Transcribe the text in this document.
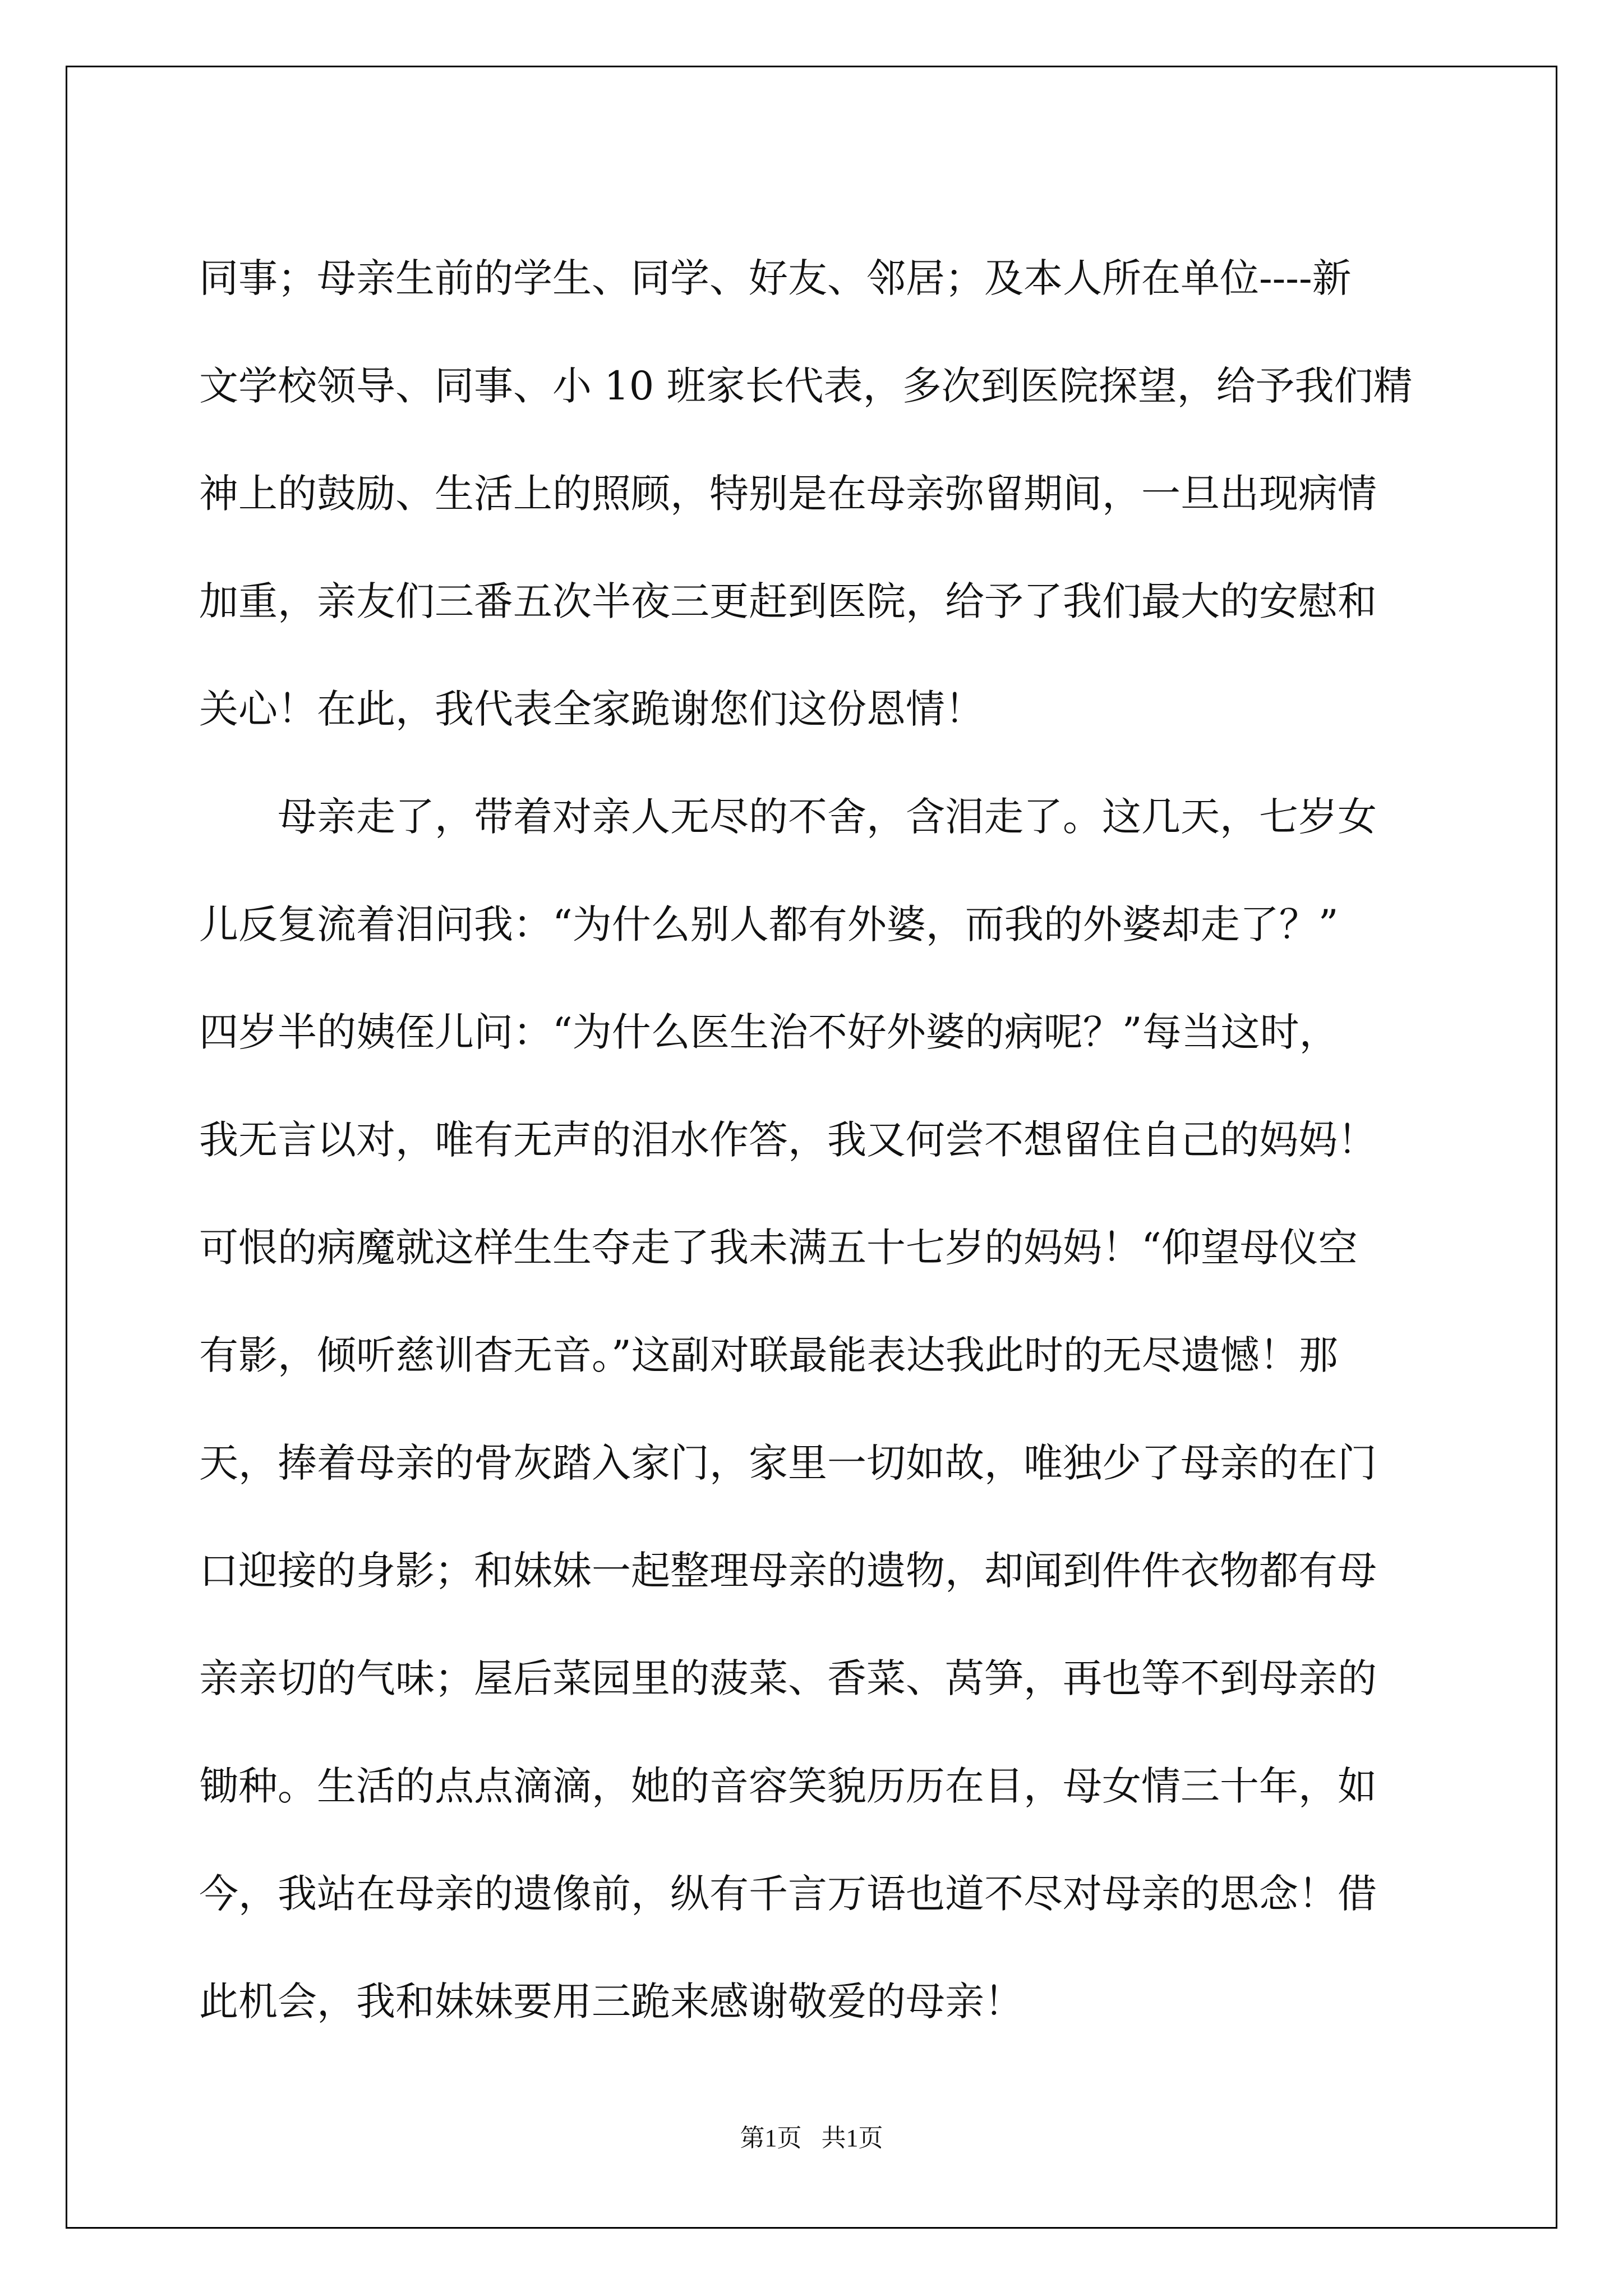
同事；母亲生前的学生、同学、好友、邻居；及本人所在单位----新
文学校领导、同事、小 10 班家长代表，多次到医院探望，给予我们精
神上的鼓励、生活上的照顾，特别是在母亲弥留期间，一旦出现病情
加重，亲友们三番五次半夜三更赶到医院，给予了我们最大的安慰和
关心！在此，我代表全家跪谢您们这份恩情！
母亲走了，带着对亲人无尽的不舍，含泪走了。这几天，七岁女
儿反复流着泪问我：“为什么别人都有外婆，而我的外婆却走了？”
四岁半的姨侄儿问：“为什么医生治不好外婆的病呢？”每当这时，
我无言以对，唯有无声的泪水作答，我又何尝不想留住自己的妈妈！
可恨的病魔就这样生生夺走了我未满五十七岁的妈妈！“仰望母仪空
有影，倾听慈训杳无音。”这副对联最能表达我此时的无尽遗憾！那
天，捧着母亲的骨灰踏入家门，家里一切如故，唯独少了母亲的在门
口迎接的身影；和妹妹一起整理母亲的遗物，却闻到件件衣物都有母
亲亲切的气味；屋后菜园里的菠菜、香菜、莴笋，再也等不到母亲的
锄种。生活的点点滴滴，她的音容笑貌历历在目，母女情三十年，如
今，我站在母亲的遗像前，纵有千言万语也道不尽对母亲的思念！借
此机会，我和妹妹要用三跪来感谢敬爱的母亲！
第1页 共1页
